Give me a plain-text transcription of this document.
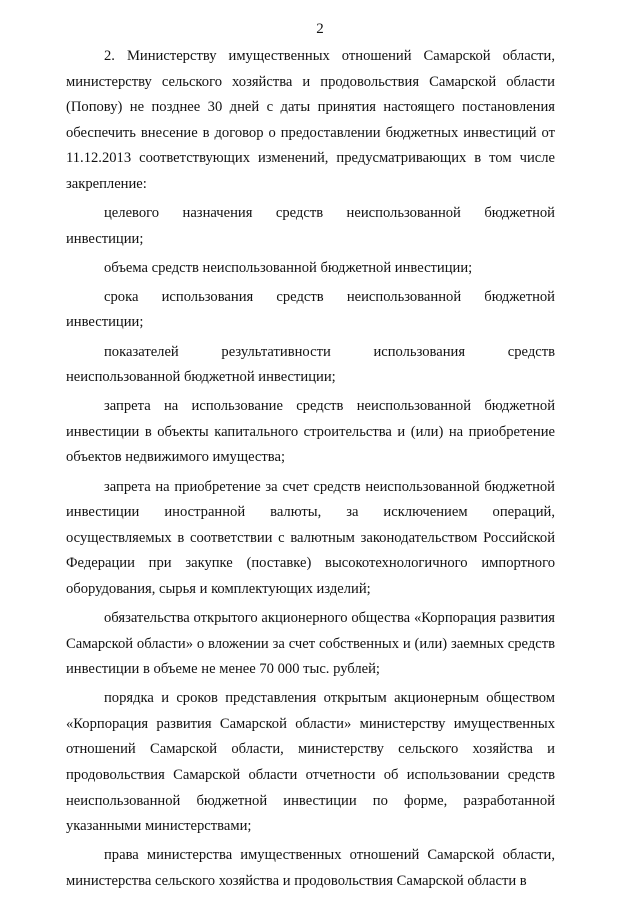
2

2. Министерству имущественных отношений Самарской области, министерству сельского хозяйства и продовольствия Самарской области (Попову) не позднее 30 дней с даты принятия настоящего постановления обеспечить внесение в договор о предоставлении бюджетных инвестиций от 11.12.2013 соответствующих изменений, предусматривающих в том числе закрепление:

целевого назначения средств неиспользованной бюджетной инвестиции;

объема средств неиспользованной бюджетной инвестиции;

срока использования средств неиспользованной бюджетной инвестиции;

показателей результативности использования средств неиспользованной бюджетной инвестиции;

запрета на использование средств неиспользованной бюджетной инвестиции в объекты капитального строительства и (или) на приобретение объектов недвижимого имущества;

запрета на приобретение за счет средств неиспользованной бюджетной инвестиции иностранной валюты, за исключением операций, осуществляемых в соответствии с валютным законодательством Российской Федерации при закупке (поставке) высокотехнологичного импортного оборудования, сырья и комплектующих изделий;

обязательства открытого акционерного общества «Корпорация развития Самарской области» о вложении за счет собственных и (или) заемных средств инвестиции в объеме не менее 70 000 тыс. рублей;

порядка и сроков представления открытым акционерным обществом «Корпорация развития Самарской области» министерству имущественных отношений Самарской области, министерству сельского хозяйства и продовольствия Самарской области отчетности об использовании средств неиспользованной бюджетной инвестиции по форме, разработанной указанными министерствами;

права министерства имущественных отношений Самарской области, министерства сельского хозяйства и продовольствия Самарской области в
